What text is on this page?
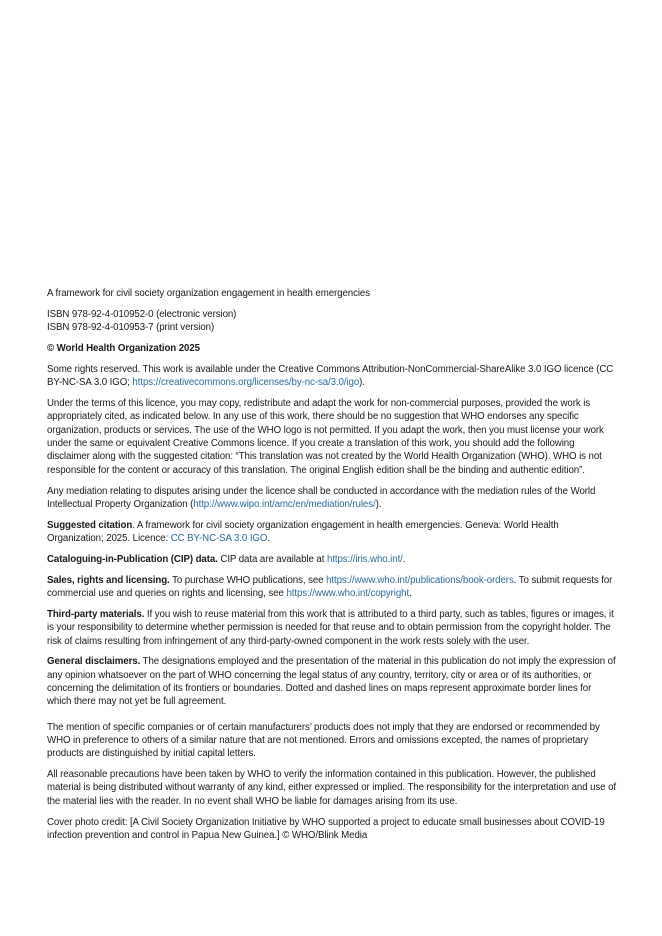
A framework for civil society organization engagement in health emergencies

ISBN 978-92-4-010952-0 (electronic version)

ISBN 978-92-4-010953-7 (print version)

© World Health Organization 2025

Some rights reserved. This work is available under the Creative Commons Attribution-NonCommercial-ShareAlike 3.0 IGO licence (CC BY-NC-SA 3.0 IGO; https://creativecommons.org/licenses/by-nc-sa/3.0/igo).

Under the terms of this licence, you may copy, redistribute and adapt the work for non-commercial purposes, provided the work is appropriately cited, as indicated below. In any use of this work, there should be no suggestion that WHO endorses any specific organization, products or services. The use of the WHO logo is not permitted. If you adapt the work, then you must license your work under the same or equivalent Creative Commons licence. If you create a translation of this work, you should add the following disclaimer along with the suggested citation: “This translation was not created by the World Health Organization (WHO). WHO is not responsible for the content or accuracy of this translation. The original English edition shall be the binding and authentic edition”.

Any mediation relating to disputes arising under the licence shall be conducted in accordance with the mediation rules of the World Intellectual Property Organization (http://www.wipo.int/amc/en/mediation/rules/).

Suggested citation. A framework for civil society organization engagement in health emergencies. Geneva: World Health Organization; 2025. Licence: CC BY-NC-SA 3.0 IGO.

Cataloguing-in-Publication (CIP) data. CIP data are available at https://iris.who.int/.

Sales, rights and licensing. To purchase WHO publications, see https://www.who.int/publications/book-orders. To submit requests for commercial use and queries on rights and licensing, see https://www.who.int/copyright.

Third-party materials. If you wish to reuse material from this work that is attributed to a third party, such as tables, figures or images, it is your responsibility to determine whether permission is needed for that reuse and to obtain permission from the copyright holder. The risk of claims resulting from infringement of any third-party-owned component in the work rests solely with the user.

General disclaimers. The designations employed and the presentation of the material in this publication do not imply the expression of any opinion whatsoever on the part of WHO concerning the legal status of any country, territory, city or area or of its authorities, or concerning the delimitation of its frontiers or boundaries. Dotted and dashed lines on maps represent approximate border lines for which there may not yet be full agreement.

The mention of specific companies or of certain manufacturers’ products does not imply that they are endorsed or recommended by WHO in preference to others of a similar nature that are not mentioned. Errors and omissions excepted, the names of proprietary products are distinguished by initial capital letters.

All reasonable precautions have been taken by WHO to verify the information contained in this publication. However, the published material is being distributed without warranty of any kind, either expressed or implied. The responsibility for the interpretation and use of the material lies with the reader. In no event shall WHO be liable for damages arising from its use.

Cover photo credit: [A Civil Society Organization Initiative by WHO supported a project to educate small businesses about COVID-19 infection prevention and control in Papua New Guinea.] © WHO/Blink Media
